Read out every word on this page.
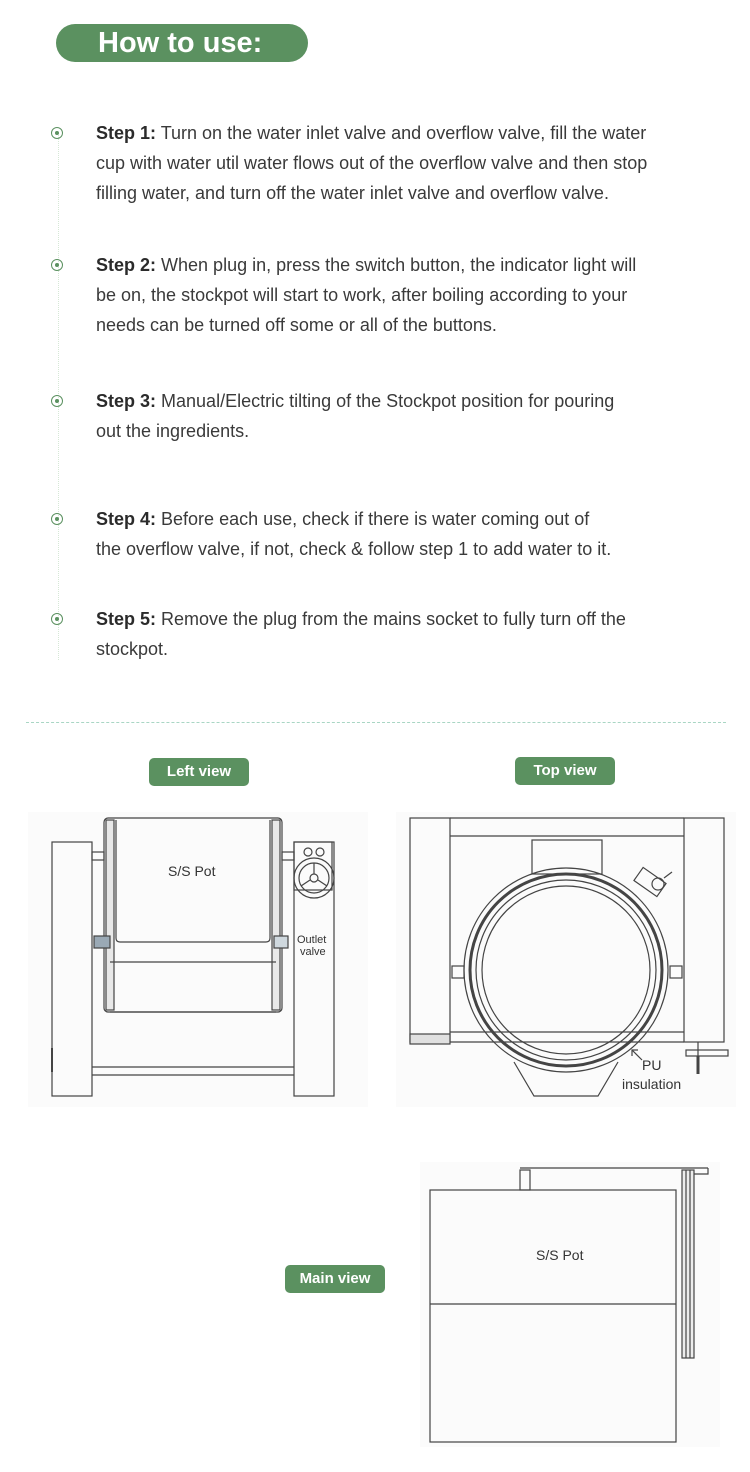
How to use:
Step 1: Turn on the water inlet valve and overflow valve, fill the water
cup with water util water flows out of the overflow valve and then stop
filling water, and turn off the water inlet valve and overflow valve.
Step 2: When plug in, press the switch button, the indicator light will
be on, the stockpot will start to work, after boiling according to your
needs can be turned off some or all of the buttons.
Step 3: Manual/Electric tilting of the Stockpot position for pouring
out the ingredients.
Step 4: Before each use, check if there is water coming out of
the overflow valve, if not, check & follow step 1 to add water to it.
Step 5: Remove the plug from the mains socket to fully turn off the
stockpot.
Left view	Top view
Main view
S/S Pot
Outlet
valve
PU
insulation
S/S Pot
